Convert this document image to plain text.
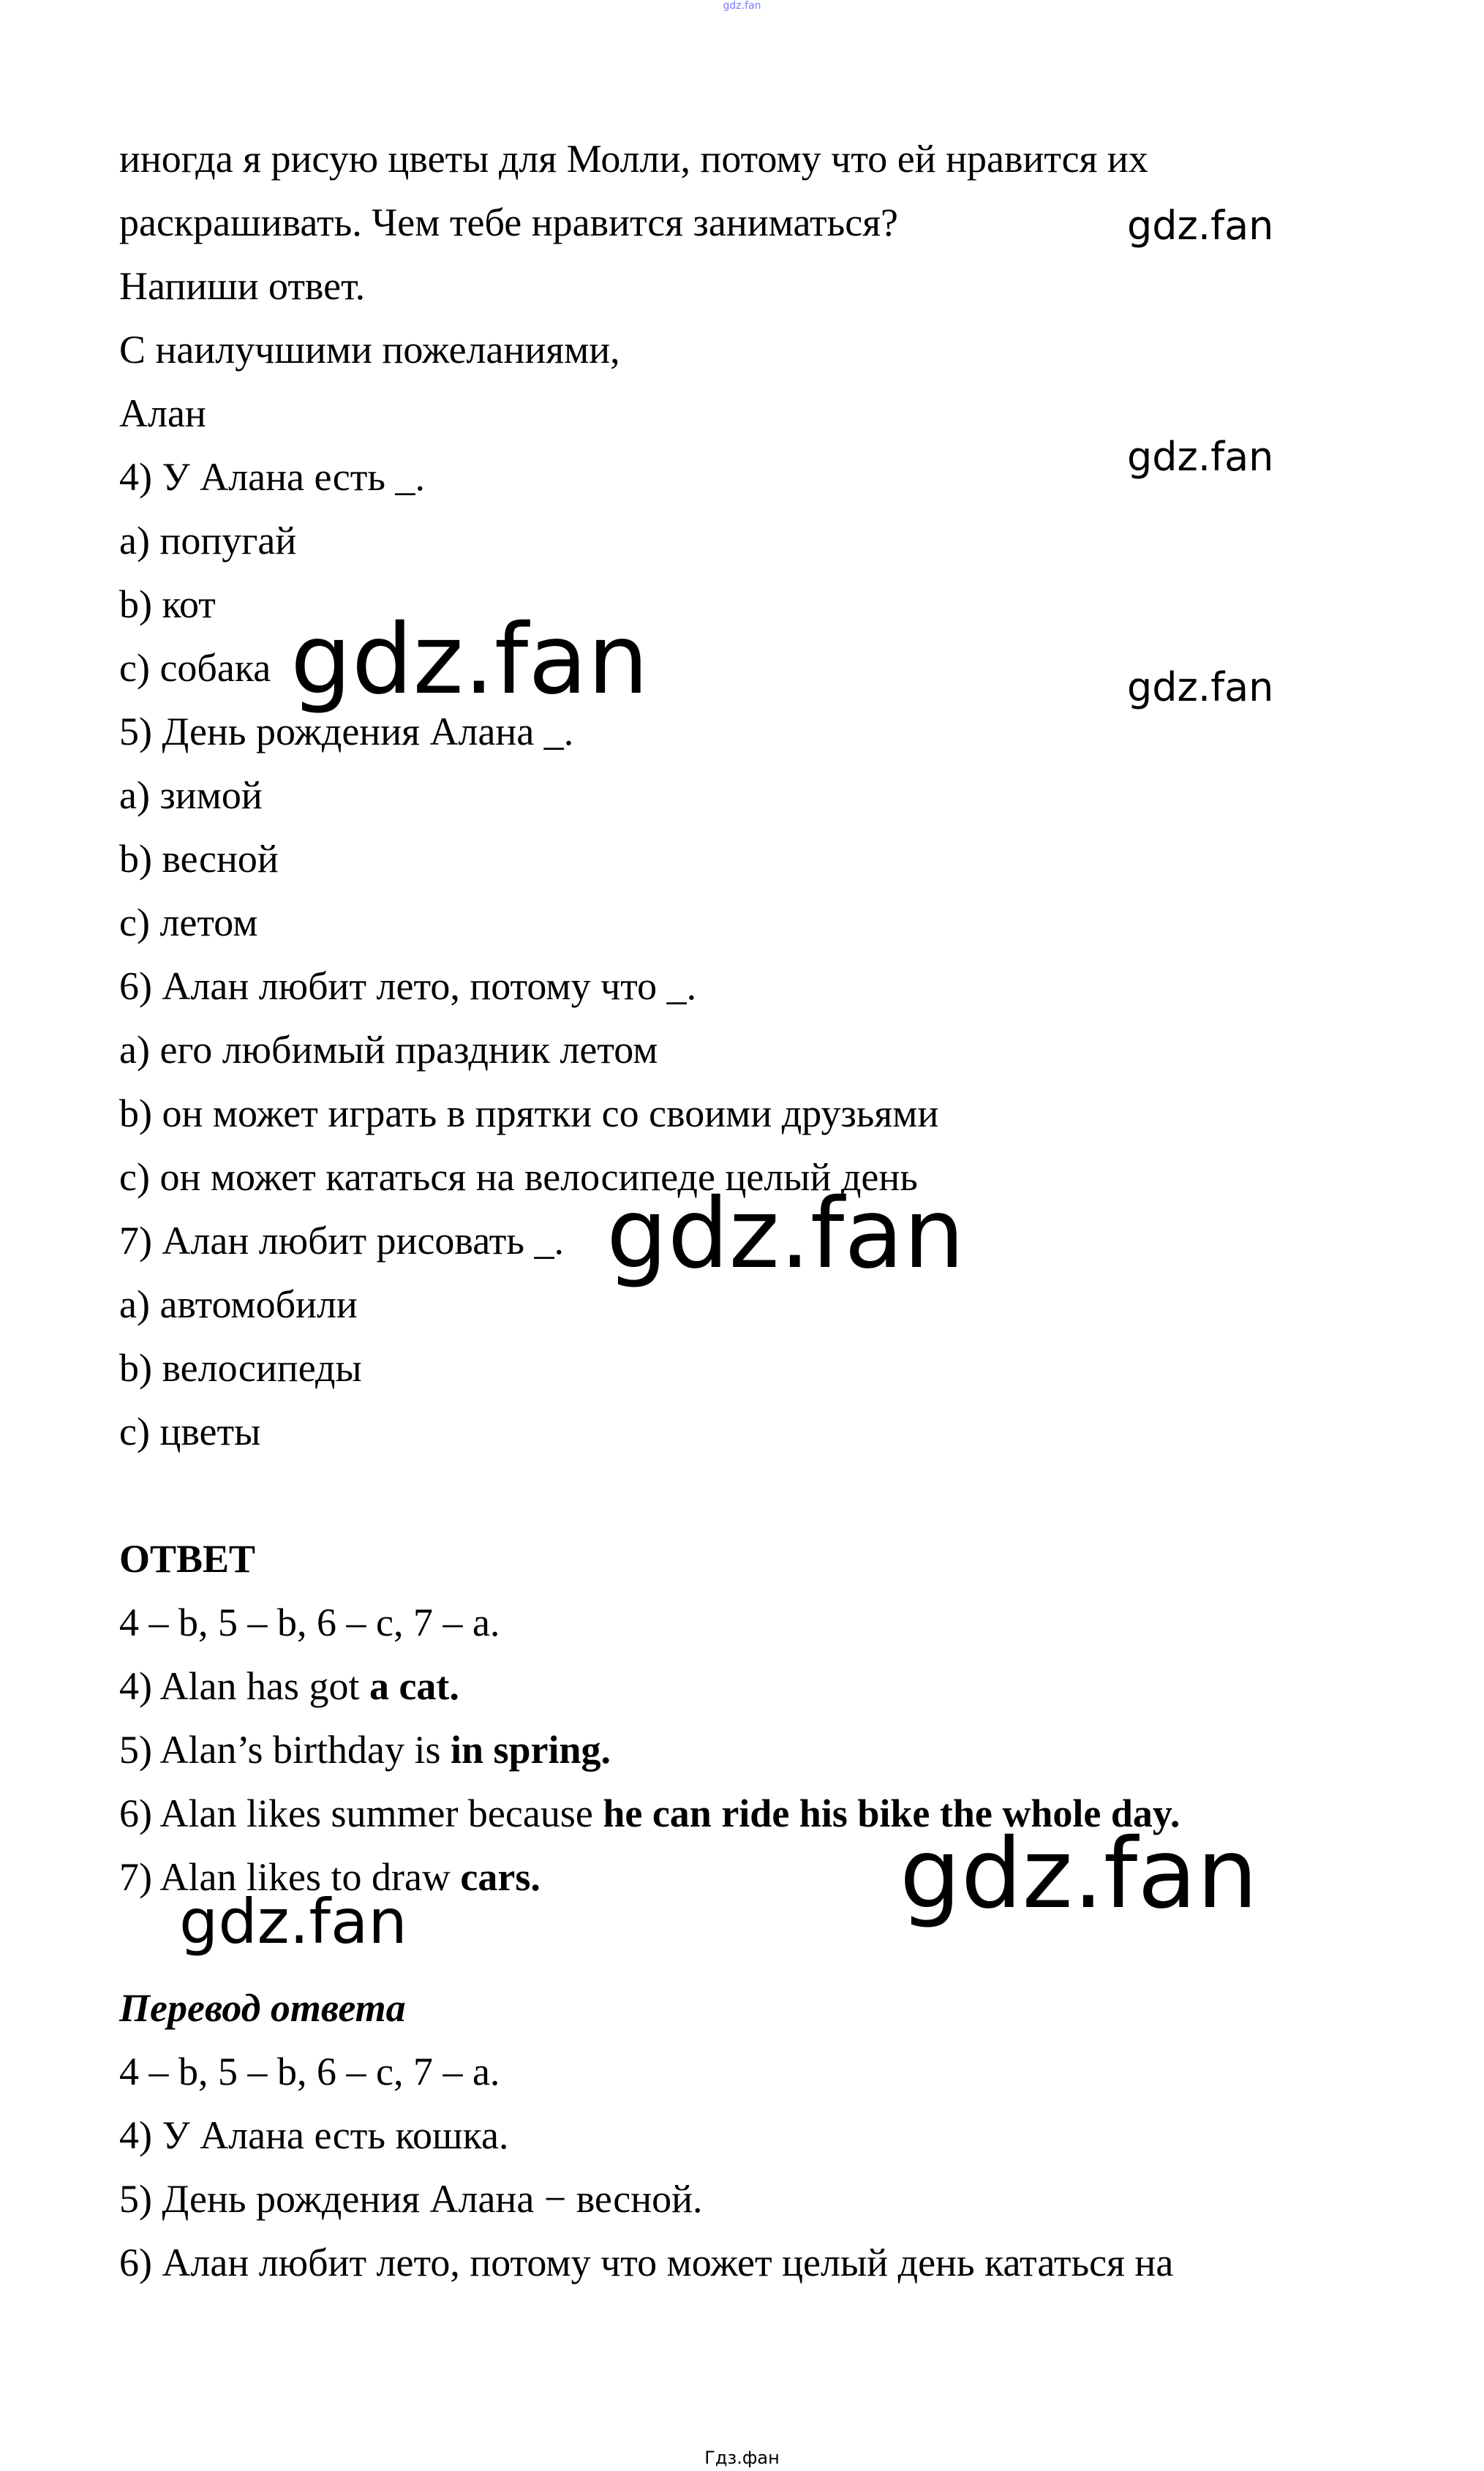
gdz.fan
иногда я рисую цветы для Молли, потому что ей нравится их
раскрашивать. Чем тебе нравится заниматься?
Напиши ответ.
С наилучшими пожеланиями,
Алан
4) У Алана есть _.
a) попугай
b) кот
c) собака
5) День рождения Алана _.
a) зимой
b) весной
c) летом
6) Алан любит лето, потому что _.
a) его любимый праздник летом
b) он может играть в прятки со своими друзьями
c) он может кататься на велосипеде целый день
7) Алан любит рисовать _.
a) автомобили
b) велосипеды
c) цветы
ОТВЕТ
4 – b, 5 – b, 6 – c, 7 – a.
4) Alan has got a cat.
5) Alan’s birthday is in spring.
6) Alan likes summer because he can ride his bike the whole day.
7) Alan likes to draw cars.
Перевод ответа
4 – b, 5 – b, 6 – c, 7 – a.
4) У Алана есть кошка.
5) День рождения Алана − весной.
6) Алан любит лето, потому что может целый день кататься на
gdz.fan
gdz.fan
gdz.fan
gdz.fan
gdz.fan
gdz.fan
gdz.fan
Гдз.фан
